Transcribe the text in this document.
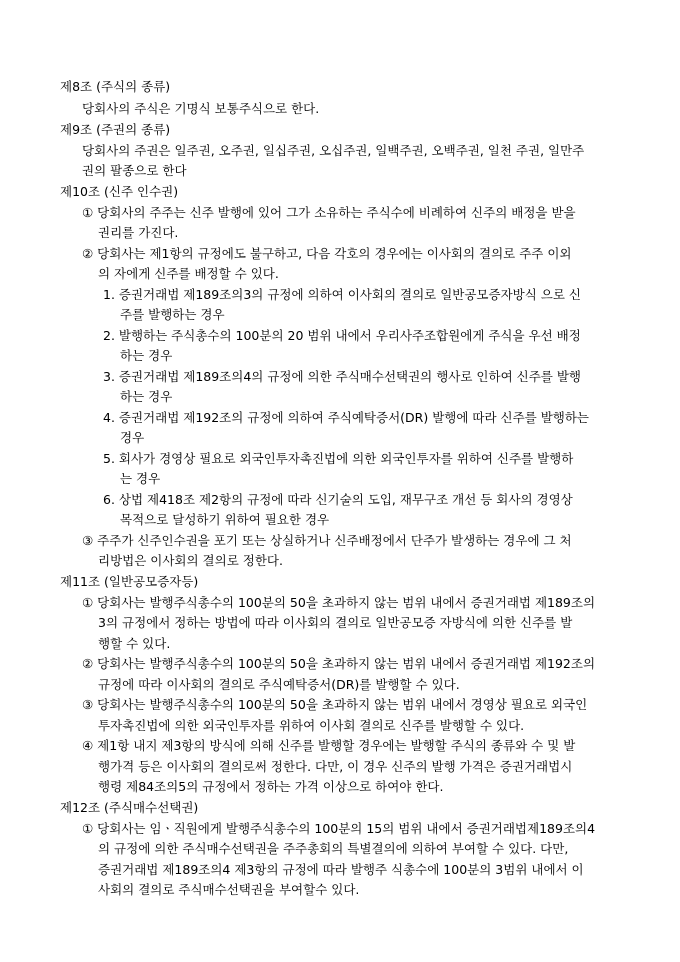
제8조 (주식의 종류)
당회사의 주식은 기명식 보통주식으로 한다.
제9조 (주권의 종류)
당회사의 주권은 일주권, 오주권, 일십주권, 오십주권, 일백주권, 오백주권, 일천 주권, 일만주
권의 팔종으로 한다
제10조 (신주 인수권)
① 당회사의 주주는 신주 발행에 있어 그가 소유하는 주식수에 비례하여 신주의 배정을 받을
권리를 가진다.
② 당회사는 제1항의 규정에도 불구하고, 다음 각호의 경우에는 이사회의 결의로 주주 이외
의 자에게 신주를 배정할 수 있다.
1. 증권거래법 제189조의3의 규정에 의하여 이사회의 결의로 일반공모증자방식 으로 신
주를 발행하는 경우
2. 발행하는 주식총수의 100분의 20 범위 내에서 우리사주조합원에게 주식을 우선 배정
하는 경우
3. 증권거래법 제189조의4의 규정에 의한 주식매수선택권의 행사로 인하여 신주를 발행
하는 경우
4. 증권거래법 제192조의 규정에 의하여 주식예탁증서(DR) 발행에 따라 신주를 발행하는
경우
5. 회사가 경영상 필요로 외국인투자촉진법에 의한 외국인투자를 위하여 신주를 발행하
는 경우
6. 상법 제418조 제2항의 규정에 따라 신기술의 도입, 재무구조 개선 등 회사의 경영상
목적으로 달성하기 위하여 필요한 경우
③ 주주가 신주인수권을 포기 또는 상실하거나 신주배정에서 단주가 발생하는 경우에 그 처
리방법은 이사회의 결의로 정한다.
제11조 (일반공모증자등)
① 당회사는 발행주식총수의 100분의 50을 초과하지 않는 범위 내에서 증권거래법 제189조의
3의 규정에서 정하는 방법에 따라 이사회의 결의로 일반공모증 자방식에 의한 신주를 발
행할 수 있다.
② 당회사는 발행주식총수의 100분의 50을 초과하지 않는 범위 내에서 증권거래법 제192조의
규정에 따라 이사회의 결의로 주식예탁증서(DR)를 발행할 수 있다.
③ 당회사는 발행주식총수의 100분의 50을 초과하지 않는 범위 내에서 경영상 필요로 외국인
투자촉진법에 의한 외국인투자를 위하여 이사회 결의로 신주를 발행할 수 있다.
④ 제1항 내지 제3항의 방식에 의해 신주를 발행할 경우에는 발행할 주식의 종류와 수 및 발
행가격 등은 이사회의 결의로써 정한다. 다만, 이 경우 신주의 발행 가격은 증권거래법시
행령 제84조의5의 규정에서 정하는 가격 이상으로 하여야 한다.
제12조 (주식매수선택권)
① 당회사는 임ㆍ직원에게 발행주식총수의 100분의 15의 범위 내에서 증권거래법제189조의4
의 규정에 의한 주식매수선택권을 주주총회의 특별결의에 의하여 부여할 수 있다. 다만,
증권거래법 제189조의4 제3항의 규정에 따라 발행주 식총수에 100분의 3범위 내에서 이
사회의 결의로 주식매수선택권을 부여할수 있다.
